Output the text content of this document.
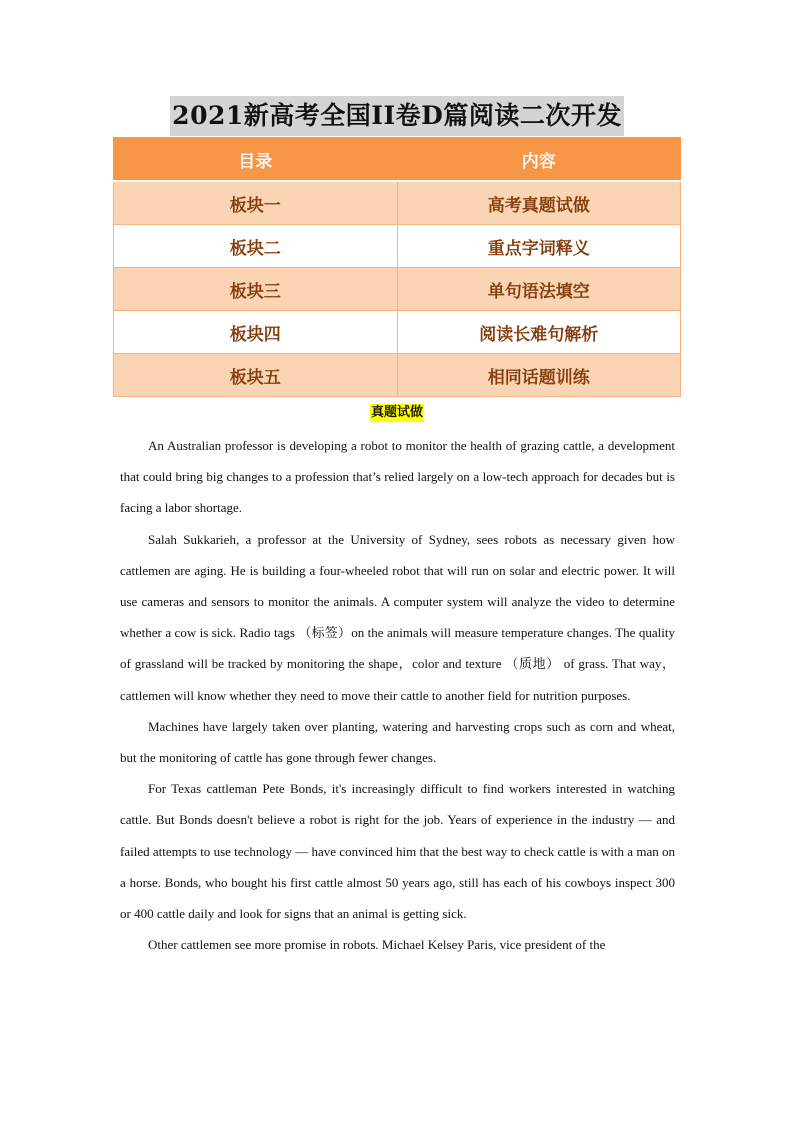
2021新高考全国II卷D篇阅读二次开发
目录	内容
板块一	高考真题试做
板块二	重点字词释义
板块三	单句语法填空
板块四	阅读长难句解析
板块五	相同话题训练
真题试做

An Australian professor is developing a robot to monitor the health of grazing cattle, a development that could bring big changes to a profession that’s relied largely on a low-tech approach for decades but is facing a labor shortage.

Salah Sukkarieh, a professor at the University of Sydney, sees robots as necessary given how cattlemen are aging. He is building a four-wheeled robot that will run on solar and electric power. It will use cameras and sensors to monitor the animals. A computer system will analyze the video to determine whether a cow is sick. Radio tags （标签）on the animals will measure temperature changes. The quality of grassland will be tracked by monitoring the shape，color and texture （质地） of grass. That way， cattlemen will know whether they need to move their cattle to another field for nutrition purposes.

Machines have largely taken over planting, watering and harvesting crops such as corn and wheat, but the monitoring of cattle has gone through fewer changes.

For Texas cattleman Pete Bonds, it's increasingly difficult to find workers interested in watching cattle. But Bonds doesn't believe a robot is right for the job. Years of experience in the industry — and failed attempts to use technology — have convinced him that the best way to check cattle is with a man on a horse. Bonds, who bought his first cattle almost 50 years ago, still has each of his cowboys inspect 300 or 400 cattle daily and look for signs that an animal is getting sick.

Other cattlemen see more promise in robots. Michael Kelsey Paris, vice president of the
